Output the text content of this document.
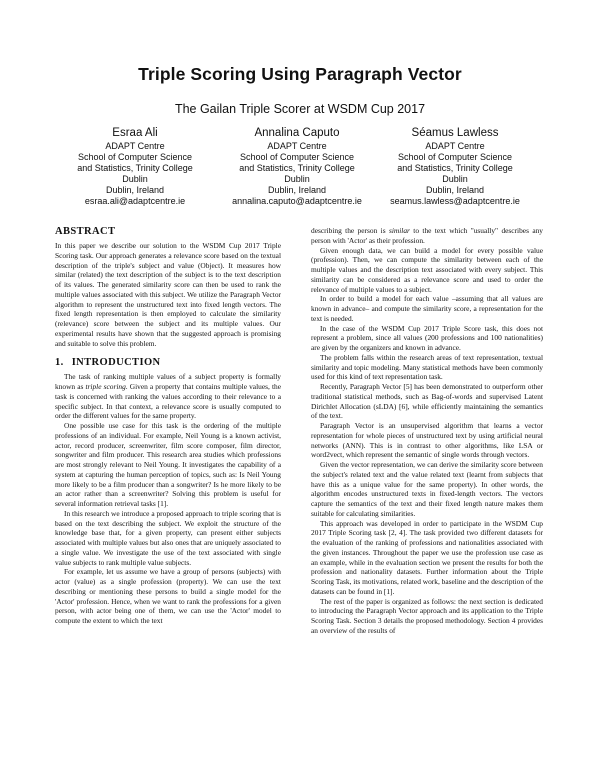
Triple Scoring Using Paragraph Vector
The Gailan Triple Scorer at WSDM Cup 2017
Esraa Ali
ADAPT Centre
School of Computer Science
and Statistics, Trinity College
Dublin
Dublin, Ireland
esraa.ali@adaptcentre.ie
Annalina Caputo
ADAPT Centre
School of Computer Science
and Statistics, Trinity College
Dublin
Dublin, Ireland
annalina.caputo@adaptcentre.ie
Séamus Lawless
ADAPT Centre
School of Computer Science
and Statistics, Trinity College
Dublin
Dublin, Ireland
seamus.lawless@adaptcentre.ie
ABSTRACT

In this paper we describe our solution to the WSDM Cup 2017 Triple Scoring task. Our approach generates a relevance score based on the textual description of the triple's subject and value (Object). It measures how similar (related) the text description of the subject is to the text description of its values. The generated similarity score can then be used to rank the multiple values associated with this subject. We utilize the Paragraph Vector algorithm to represent the unstructured text into fixed length vectors. The fixed length representation is then employed to calculate the similarity (relevance) score between the subject and its multiple values. Our experimental results have shown that the suggested approach is promising and suitable to solve this problem.

1. INTRODUCTION

The task of ranking multiple values of a subject property is formally known as triple scoring. Given a property that contains multiple values, the task is concerned with ranking the values according to their relevance to a specific subject. In that context, a relevance score is usually computed to order the different values for the same property.

One possible use case for this task is the ordering of the multiple professions of an individual. For example, Neil Young is a known activist, actor, record producer, screenwriter, film score composer, film director, songwriter and film producer. This research area studies which professions are most strongly relevant to Neil Young. It investigates the capability of a system at capturing the human perception of topics, such as: Is Neil Young more likely to be a film producer than a songwriter? Is he more likely to be an actor rather than a screenwriter? Solving this problem is useful for several information retrieval tasks [1].

In this research we introduce a proposed approach to triple scoring that is based on the text describing the subject. We exploit the structure of the knowledge base that, for a given property, can present either subjects associated with multiple values but also ones that are uniquely associated to a single value. We investigate the use of the text associated with single value subjects to rank multiple value subjects.

For example, let us assume we have a group of persons (subjects) with actor (value) as a single profession (property). We can use the text describing or mentioning these persons to build a single model for the 'Actor' profession. Hence, when we want to rank the professions for a given person, with actor being one of them, we can use the 'Actor' model to compute the extent to which the text

describing the person is similar to the text which "usually" describes any person with 'Actor' as their profession.

Given enough data, we can build a model for every possible value (profession). Then, we can compute the similarity between each of the multiple values and the description text associated with every subject. This similarity can be considered as a relevance score and used to order the relevance of multiple values to a subject.

In order to build a model for each value –assuming that all values are known in advance– and compute the similarity score, a representation for the text is needed.

In the case of the WSDM Cup 2017 Triple Score task, this does not represent a problem, since all values (200 professions and 100 nationalities) are given by the organizers and known in advance.

The problem falls within the research areas of text representation, textual similarity and topic modeling. Many statistical methods have been commonly used for this kind of text representation task.

Recently, Paragraph Vector [5] has been demonstrated to outperform other traditional statistical methods, such as Bag-of-words and supervised Latent Dirichlet Allocation (sLDA) [6], while efficiently maintaining the semantics of the text.

Paragraph Vector is an unsupervised algorithm that learns a vector representation for whole pieces of unstructured text by using artificial neural networks (ANN). This is in contrast to other algorithms, like LSA or word2vect, which represent the semantic of single words through vectors.

Given the vector representation, we can derive the similarity score between the subject's related text and the value related text (learnt from subjects that have this as a unique value for the same property). In other words, the algorithm encodes unstructured texts in fixed-length vectors. The vectors capture the semantics of the text and their fixed length nature makes them suitable for calculating similarities.

This approach was developed in order to participate in the WSDM Cup 2017 Triple Scoring task [2, 4]. The task provided two different datasets for the evaluation of the ranking of professions and nationalities associated with the given instances. Throughout the paper we use the profession use case as an example, while in the evaluation section we present the results for both the profession and nationality datasets. Further information about the Triple Scoring Task, its motivations, related work, baseline and the description of the datasets can be found in [1].

The rest of the paper is organized as follows: the next section is dedicated to introducing the Paragraph Vector approach and its application to the Triple Scoring Task. Section 3 details the proposed methodology. Section 4 provides an overview of the results of
